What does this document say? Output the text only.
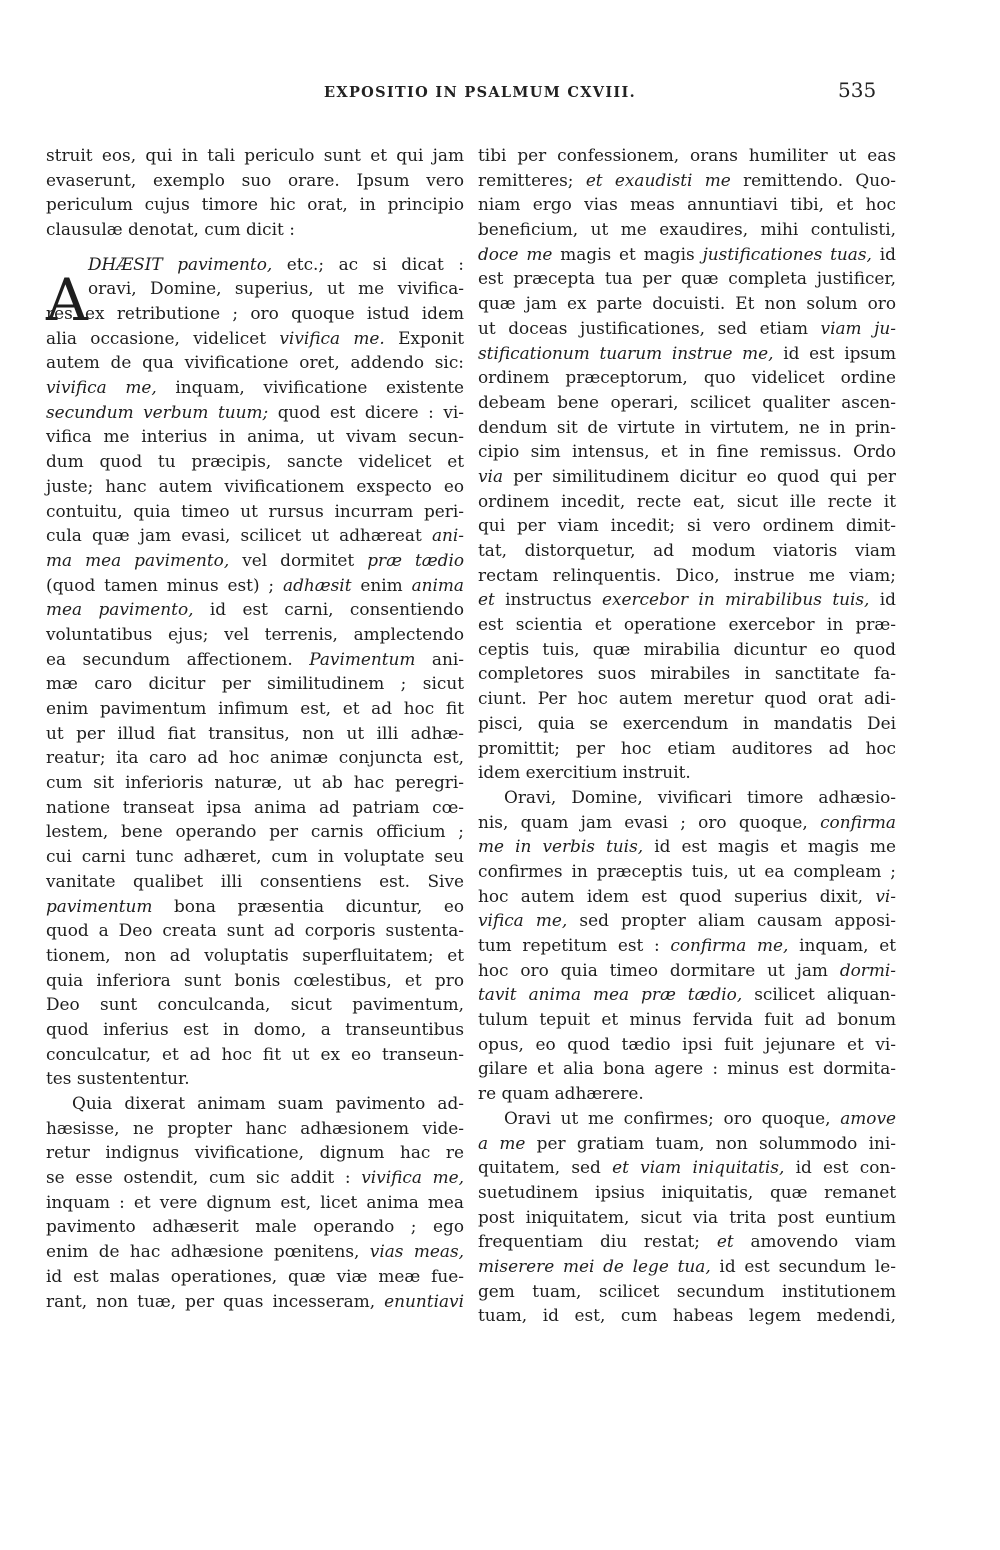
EXPOSITIO IN PSALMUM CXVIII.	535
A
struit eos, qui in tali periculo sunt et qui jam
evaserunt, exemplo suo orare. Ipsum vero
periculum cujus timore hic orat, in principio
clausulæ denotat, cum dicit :
DHÆSIT pavimento, etc.; ac si dicat :
oravi, Domine, superius, ut me vivifica-
res ex retributione ; oro quoque istud idem
alia occasione, videlicet vivifica me. Exponit
autem de qua vivificatione oret, addendo sic:
vivifica me, inquam, vivificatione existente
secundum verbum tuum; quod est dicere : vi-
vifica me interius in anima, ut vivam secun-
dum quod tu præcipis, sancte videlicet et
juste; hanc autem vivificationem exspecto eo
contuitu, quia timeo ut rursus incurram peri-
cula quæ jam evasi, scilicet ut adhæreat ani-
ma mea pavimento, vel dormitet præ tædio
(quod tamen minus est) ; adhæsit enim anima
mea pavimento, id est carni, consentiendo
voluntatibus ejus; vel terrenis, amplectendo
ea secundum affectionem. Pavimentum ani-
mæ caro dicitur per similitudinem ; sicut
enim pavimentum infimum est, et ad hoc fit
ut per illud fiat transitus, non ut illi adhæ-
reatur; ita caro ad hoc animæ conjuncta est,
cum sit inferioris naturæ, ut ab hac peregri-
natione transeat ipsa anima ad patriam cœ-
lestem, bene operando per carnis officium ;
cui carni tunc adhæret, cum in voluptate seu
vanitate qualibet illi consentiens est. Sive
pavimentum bona præsentia dicuntur, eo
quod a Deo creata sunt ad corporis sustenta-
tionem, non ad voluptatis superfluitatem; et
quia inferiora sunt bonis cœlestibus, et pro
Deo sunt conculcanda, sicut pavimentum,
quod inferius est in domo, a transeuntibus
conculcatur, et ad hoc fit ut ex eo transeun-
tes sustententur.
Quia dixerat animam suam pavimento ad-
hæsisse, ne propter hanc adhæsionem vide-
retur indignus vivificatione, dignum hac re
se esse ostendit, cum sic addit : vivifica me,
inquam : et vere dignum est, licet anima mea
pavimento adhæserit male operando ; ego
enim de hac adhæsione pœnitens, vias meas,
id est malas operationes, quæ viæ meæ fue-
rant, non tuæ, per quas incesseram, enuntiavi
tibi per confessionem, orans humiliter ut eas
remitteres; et exaudisti me remittendo. Quo-
niam ergo vias meas annuntiavi tibi, et hoc
beneficium, ut me exaudires, mihi contulisti,
doce me magis et magis justificationes tuas, id
est præcepta tua per quæ completa justificer,
quæ jam ex parte docuisti. Et non solum oro
ut doceas justificationes, sed etiam viam ju-
stificationum tuarum instrue me, id est ipsum
ordinem præceptorum, quo videlicet ordine
debeam bene operari, scilicet qualiter ascen-
dendum sit de virtute in virtutem, ne in prin-
cipio sim intensus, et in fine remissus. Ordo
via per similitudinem dicitur eo quod qui per
ordinem incedit, recte eat, sicut ille recte it
qui per viam incedit; si vero ordinem dimit-
tat, distorquetur, ad modum viatoris viam
rectam relinquentis. Dico, instrue me viam;
et instructus exercebor in mirabilibus tuis, id
est scientia et operatione exercebor in præ-
ceptis tuis, quæ mirabilia dicuntur eo quod
completores suos mirabiles in sanctitate fa-
ciunt. Per hoc autem meretur quod orat adi-
pisci, quia se exercendum in mandatis Dei
promittit; per hoc etiam auditores ad hoc
idem exercitium instruit.
Oravi, Domine, vivificari timore adhæsio-
nis, quam jam evasi ; oro quoque, confirma
me in verbis tuis, id est magis et magis me
confirmes in præceptis tuis, ut ea compleam ;
hoc autem idem est quod superius dixit, vi-
vifica me, sed propter aliam causam apposi-
tum repetitum est : confirma me, inquam, et
hoc oro quia timeo dormitare ut jam dormi-
tavit anima mea præ tædio, scilicet aliquan-
tulum tepuit et minus fervida fuit ad bonum
opus, eo quod tædio ipsi fuit jejunare et vi-
gilare et alia bona agere : minus est dormita-
re quam adhærere.
Oravi ut me confirmes; oro quoque, amove
a me per gratiam tuam, non solummodo ini-
quitatem, sed et viam iniquitatis, id est con-
suetudinem ipsius iniquitatis, quæ remanet
post iniquitatem, sicut via trita post euntium
frequentiam diu restat; et amovendo viam
miserere mei de lege tua, id est secundum le-
gem tuam, scilicet secundum institutionem
tuam, id est, cum habeas legem medendi,
